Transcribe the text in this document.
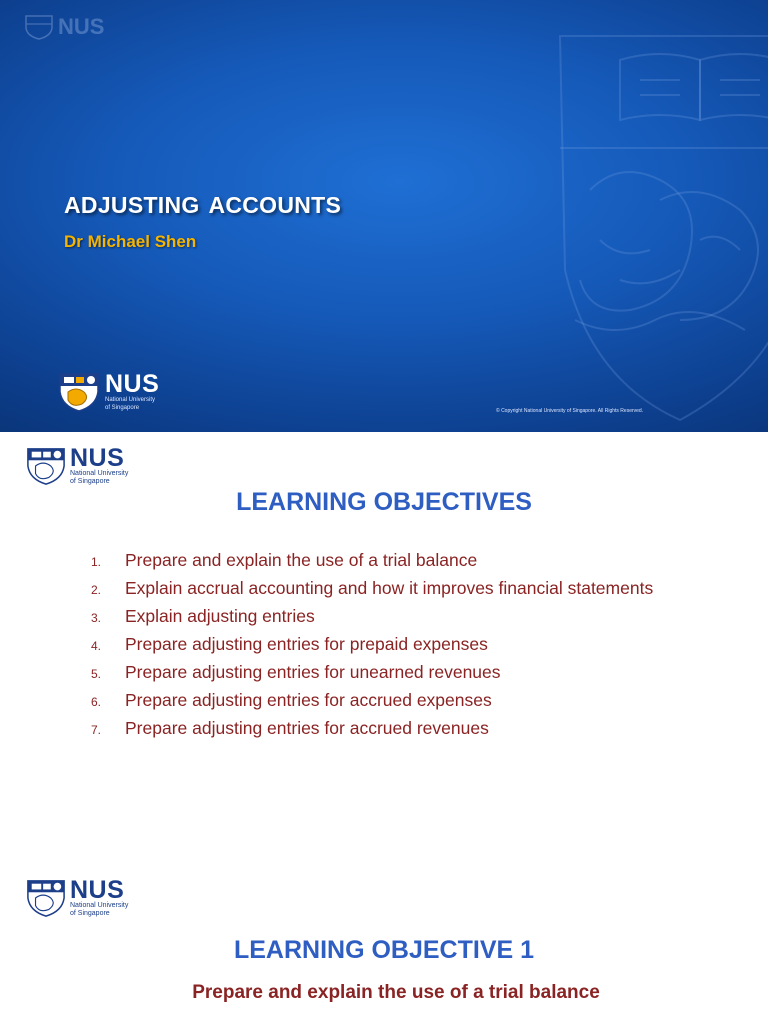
NUS
ADJUSTING ACCOUNTS
Dr Michael Shen
NUS
National University
of Singapore	© Copyright National University of Singapore. All Rights Reserved.
NUS
National University
of Singapore
LEARNING OBJECTIVES
1.	Prepare and explain the use of a trial balance
2.	Explain accrual accounting and how it improves financial statements
3.	Explain adjusting entries
4.	Prepare adjusting entries for prepaid expenses
5.	Prepare adjusting entries for unearned revenues
6.	Prepare adjusting entries for accrued expenses
7.	Prepare adjusting entries for accrued revenues
NUS
National University
of Singapore
LEARNING OBJECTIVE 1
Prepare and explain the use of a trial balance
